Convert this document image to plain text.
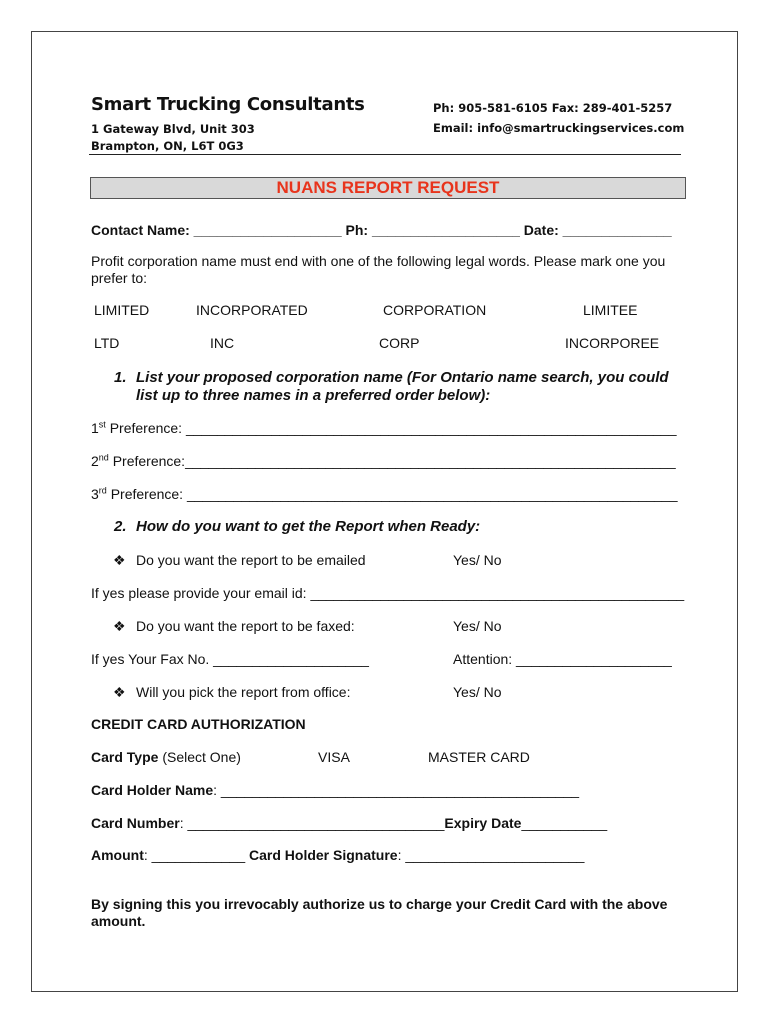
Smart Trucking Consultants
1 Gateway Blvd, Unit 303
Brampton, ON, L6T 0G3
Ph: 905-581-6105 Fax: 289-401-5257
Email: info@smartruckingservices.com
NUANS REPORT REQUEST
Contact Name: ___________________ Ph: ___________________ Date: ______________
Profit corporation name must end with one of the following legal words. Please mark one you prefer to:
LIMITED	INCORPORATED	CORPORATION	LIMITEE
LTD	INC	CORP	INCORPOREE
1. List your proposed corporation name (For Ontario name search, you could list up to three names in a preferred order below):
1st Preference: _______________________________________________________________
2nd Preference:_______________________________________________________________
3rd Preference: _______________________________________________________________
2. How do you want to get the Report when Ready:
❖ Do you want the report to be emailed	Yes/ No
If yes please provide your email id: ________________________________________________
❖ Do you want the report to be faxed:	Yes/ No
If yes Your Fax No. ____________________	Attention: ____________________
❖ Will you pick the report from office:	Yes/ No
CREDIT CARD AUTHORIZATION
Card Type (Select One)	VISA	MASTER CARD
Card Holder Name: ______________________________________________
Card Number: _________________________________Expiry Date___________
Amount: ____________ Card Holder Signature: _______________________
By signing this you irrevocably authorize us to charge your Credit Card with the above amount.
